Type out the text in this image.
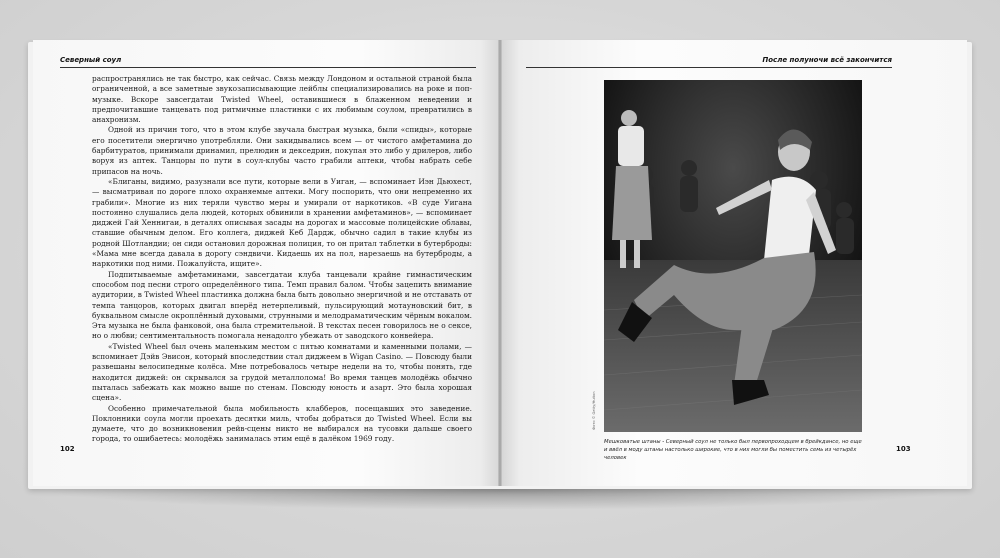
Северный соул	После полуночи всё закончится

распространялись не так быстро, как сейчас. Связь между Лондоном и остальной страной была ограниченной, а все заметные звукозаписывающие лейблы специализировались на роке и поп-музыке. Вскоре завсегдатаи Twisted Wheel, оставившиеся в блаженном неведении и предпочитавшие танцевать под ритмичные пластинки с их любимым соулом, превратились в анахронизм.

Одной из причин того, что в этом клубе звучала быстрая музыка, были «спиды», которые его посетители энергично употребляли. Они закидывались всем — от чистого амфетамина до барбитуратов, принимали дринамил, прелюдин и декседрин, покупая это либо у дрилеров, либо воруя из аптек. Танцоры по пути в соул-клубы часто грабили аптеки, чтобы набрать себе припасов на ночь.

«Блиганы, видимо, разузнали все пути, которые вели в Уиган, — вспоминает Иэн Дьюхест, — высматривая по дороге плохо охраняемые аптеки. Могу поспорить, что они непременно их грабили». Многие из них теряли чувство меры и умирали от наркотиков. «В суде Уигана постоянно слушались дела людей, которых обвинили в хранении амфетаминов», — вспоминает диджей Гай Хеннигаи, в деталях описывая засады на дорогах и массовые полицейские облавы, ставшие обычным делом. Его коллега, диджей Кеб Дардж, обычно садил в такие клубы из родной Шотландии; он сиди остановил дорожная полиция, то он притал таблетки в бутерброды: «Мама мне всегда давала в дорогу сэндвичи. Кидаешь их на пол, нарезаешь на бутерброды, а наркотики под ними. Пожалуйста, ищите».

Подпитываемые амфетаминами, завсегдатаи клуба танцевали крайне гимнастическим способом под песни строго определённого типа. Темп правил балом. Чтобы зацепить внимание аудитории, в Twisted Wheel пластинка должна была быть довольно энергичной и не отставать от темпа танцоров, которых двигал вперёд нетерпеливый, пульсирующий мотауновский бит, в буквальном смысле окроплённый духовыми, струнными и мелодраматическим чёрным вокалом. Эта музыка не была фанковой, она была стремительной. В текстах песен говорилось не о сексе, но о любви; сентиментальность помогала ненадолго убежать от заводского конвейера.

«Twisted Wheel был очень маленьким местом с пятью комнатами и каменными полами, — вспоминает Дэйв Эвисон, который впоследствии стал диджеем в Wigan Casino. — Повсюду были развешаны велосипедные колёса. Мне потребовалось четыре недели на то, чтобы понять, где находится диджей: он скрывался за грудой металлолома! Во время танцев молодёжь обычно пыталась забежать как можно выше по стенам. Повсюду юность и азарт. Это была хорошая сцена».

Особенно примечательной была мобильность клабберов, посещавших это заведение. Поклонники соула могли проехать десятки миль, чтобы добраться до Twisted Wheel. Если вы думаете, что до возникновения рейв-сцены никто не выбирался на тусовки дальше своего города, то ошибаетесь: молодёжь занималась этим ещё в далёком 1969 году.

102	103
Фото © Getty/Hulton
Мешковатые штаны - Северный соул не только был первопроходцем в брейкдансе, но еще и ввёл в моду штаны настолько широкие, что в них могли бы поместить семь из четырёх человек
